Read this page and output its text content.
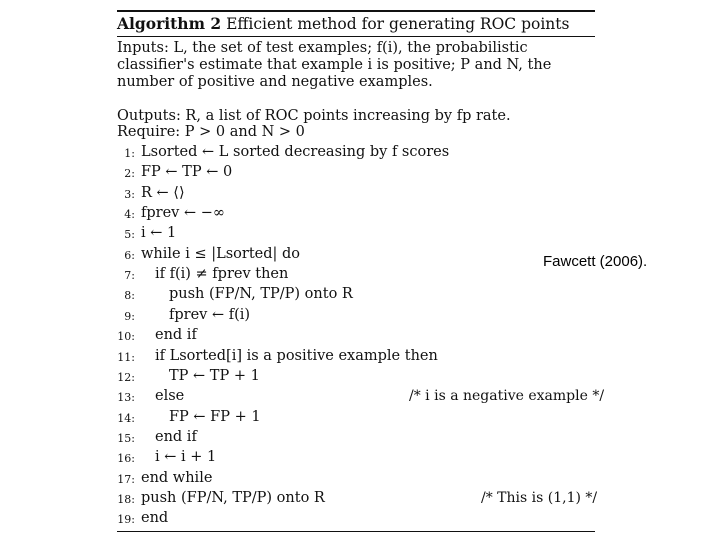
Algorithm 2 Efficient method for generating ROC points
Inputs: L, the set of test examples; f(i), the probabilistic classifier's estimate that example i is positive; P and N, the number of positive and negative examples.
Outputs: R, a list of ROC points increasing by fp rate.
Require: P > 0 and N > 0
1: Lsorted ← L sorted decreasing by f scores
2: FP ← TP ← 0
3: R ← ⟨⟩
4: fprev ← −∞
5: i ← 1
6: while i ≤ |Lsorted| do
7: if f(i) ≠ fprev then
8: push (FP/N, TP/P) onto R
9: fprev ← f(i)
10: end if
11: if Lsorted[i] is a positive example then
12: TP ← TP + 1
13: else	/* i is a negative example */
14: FP ← FP + 1
15: end if
16: i ← i + 1
17: end while
18: push (FP/N, TP/P) onto R	/* This is (1,1) */
19: end
Fawcett (2006).
